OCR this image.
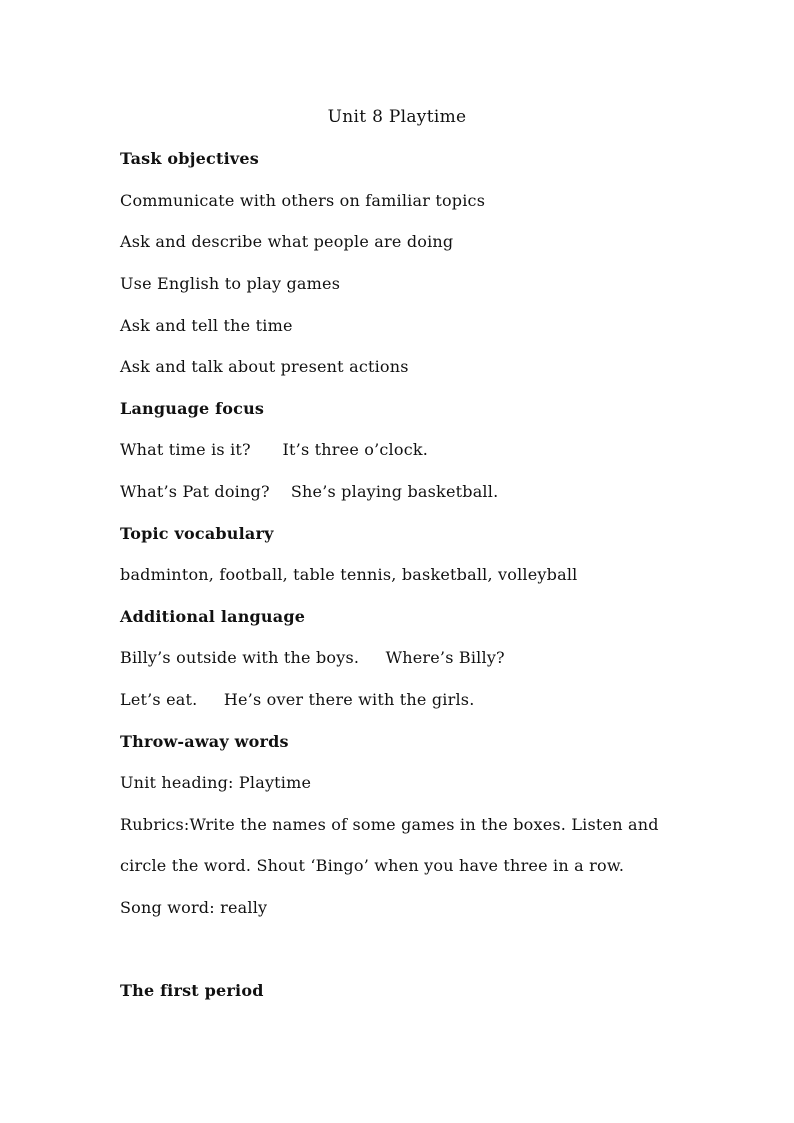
Unit 8 Playtime
Task objectives
Communicate with others on familiar topics
Ask and describe what people are doing
Use English to play games
Ask and tell the time
Ask and talk about present actions
Language focus
What time is it?      It’s three o’clock.
What’s Pat doing?    She’s playing basketball.
Topic vocabulary
badminton, football, table tennis, basketball, volleyball
Additional language
Billy’s outside with the boys.     Where’s Billy?
Let’s eat.     He’s over there with the girls.
Throw-away words
Unit heading: Playtime
Rubrics:Write the names of some games in the boxes. Listen and
circle the word. Shout ‘Bingo’ when you have three in a row.
Song word: really
The first period
